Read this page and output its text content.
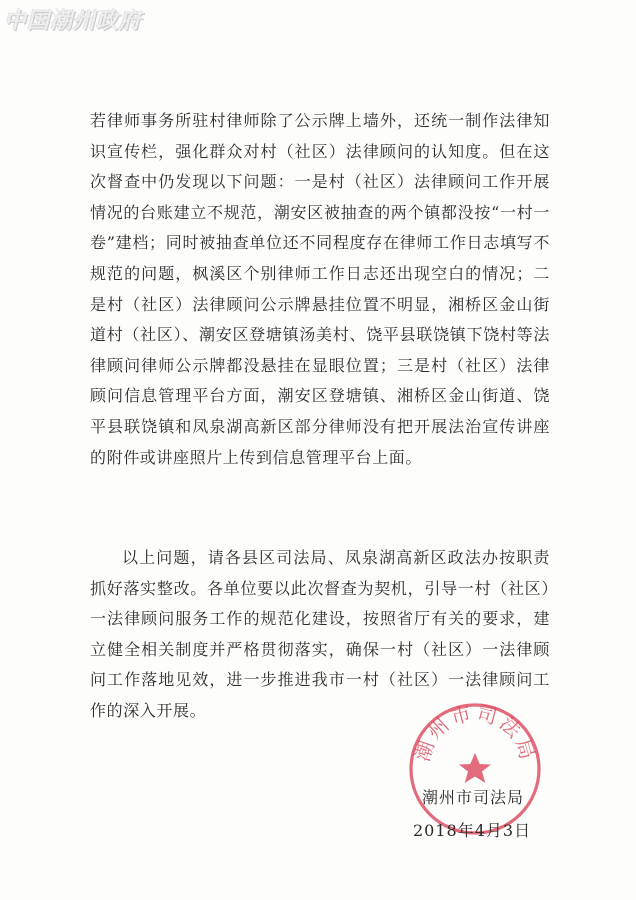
中国潮州政府

若律师事务所驻村律师除了公示牌上墙外，还统一制作法律知识宣传栏，强化群众对村（社区）法律顾问的认知度。但在这次督查中仍发现以下问题：一是村（社区）法律顾问工作开展情况的台账建立不规范，潮安区被抽查的两个镇都没按“一村一卷”建档；同时被抽查单位还不同程度存在律师工作日志填写不规范的问题，枫溪区个别律师工作日志还出现空白的情况；二是村（社区）法律顾问公示牌悬挂位置不明显，湘桥区金山街道村（社区）、潮安区登塘镇汤美村、饶平县联饶镇下饶村等法律顾问律师公示牌都没悬挂在显眼位置；三是村（社区）法律顾问信息管理平台方面，潮安区登塘镇、湘桥区金山街道、饶平县联饶镇和凤泉湖高新区部分律师没有把开展法治宣传讲座的附件或讲座照片上传到信息管理平台上面。

以上问题，请各县区司法局、凤泉湖高新区政法办按职责抓好落实整改。各单位要以此次督查为契机，引导一村（社区）一法律顾问服务工作的规范化建设，按照省厅有关的要求，建立健全相关制度并严格贯彻落实，确保一村（社区）一法律顾问工作落地见效，进一步推进我市一村（社区）一法律顾问工作的深入开展。

潮州市司法局
潮州市司法局
2018年4月3日
